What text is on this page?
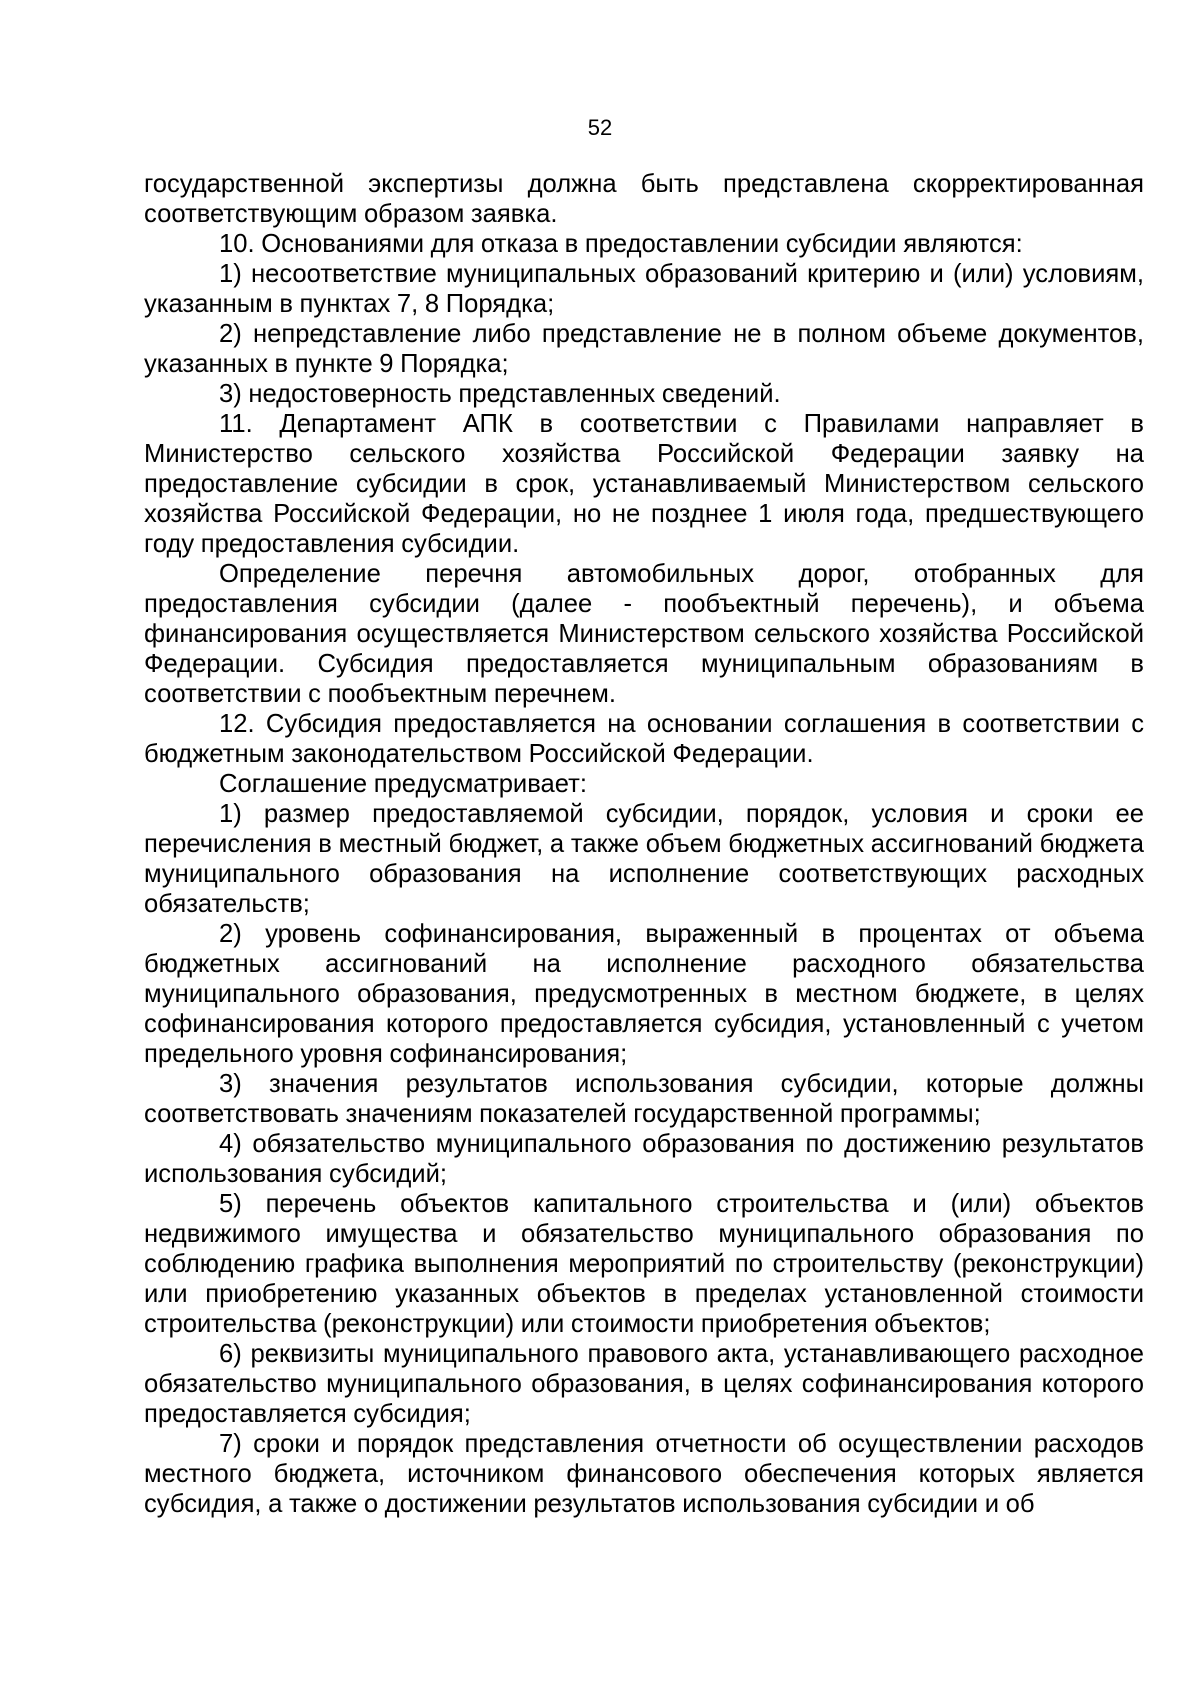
52

государственной экспертизы должна быть представлена скорректированная соответствующим образом заявка.

10. Основаниями для отказа в предоставлении субсидии являются:

1) несоответствие муниципальных образований критерию и (или) условиям, указанным в пунктах 7, 8 Порядка;

2) непредставление либо представление не в полном объеме документов, указанных в пункте 9 Порядка;

3) недостоверность представленных сведений.

11. Департамент АПК в соответствии с Правилами направляет в Министерство сельского хозяйства Российской Федерации заявку на предоставление субсидии в срок, устанавливаемый Министерством сельского хозяйства Российской Федерации, но не позднее 1 июля года, предшествующего году предоставления субсидии.

Определение перечня автомобильных дорог, отобранных для предоставления субсидии (далее - пообъектный перечень), и объема финансирования осуществляется Министерством сельского хозяйства Российской Федерации. Субсидия предоставляется муниципальным образованиям в соответствии с пообъектным перечнем.

12. Субсидия предоставляется на основании соглашения в соответствии с бюджетным законодательством Российской Федерации.

Соглашение предусматривает:

1) размер предоставляемой субсидии, порядок, условия и сроки ее перечисления в местный бюджет, а также объем бюджетных ассигнований бюджета муниципального образования на исполнение соответствующих расходных обязательств;

2) уровень софинансирования, выраженный в процентах от объема бюджетных ассигнований на исполнение расходного обязательства муниципального образования, предусмотренных в местном бюджете, в целях софинансирования которого предоставляется субсидия, установленный с учетом предельного уровня софинансирования;

3) значения результатов использования субсидии, которые должны соответствовать значениям показателей государственной программы;

4) обязательство муниципального образования по достижению результатов использования субсидий;

5) перечень объектов капитального строительства и (или) объектов недвижимого имущества и обязательство муниципального образования по соблюдению графика выполнения мероприятий по строительству (реконструкции) или приобретению указанных объектов в пределах установленной стоимости строительства (реконструкции) или стоимости приобретения объектов;

6) реквизиты муниципального правового акта, устанавливающего расходное обязательство муниципального образования, в целях софинансирования которого предоставляется субсидия;

7) сроки и порядок представления отчетности об осуществлении расходов местного бюджета, источником финансового обеспечения которых является субсидия, а также о достижении результатов использования субсидии и об
